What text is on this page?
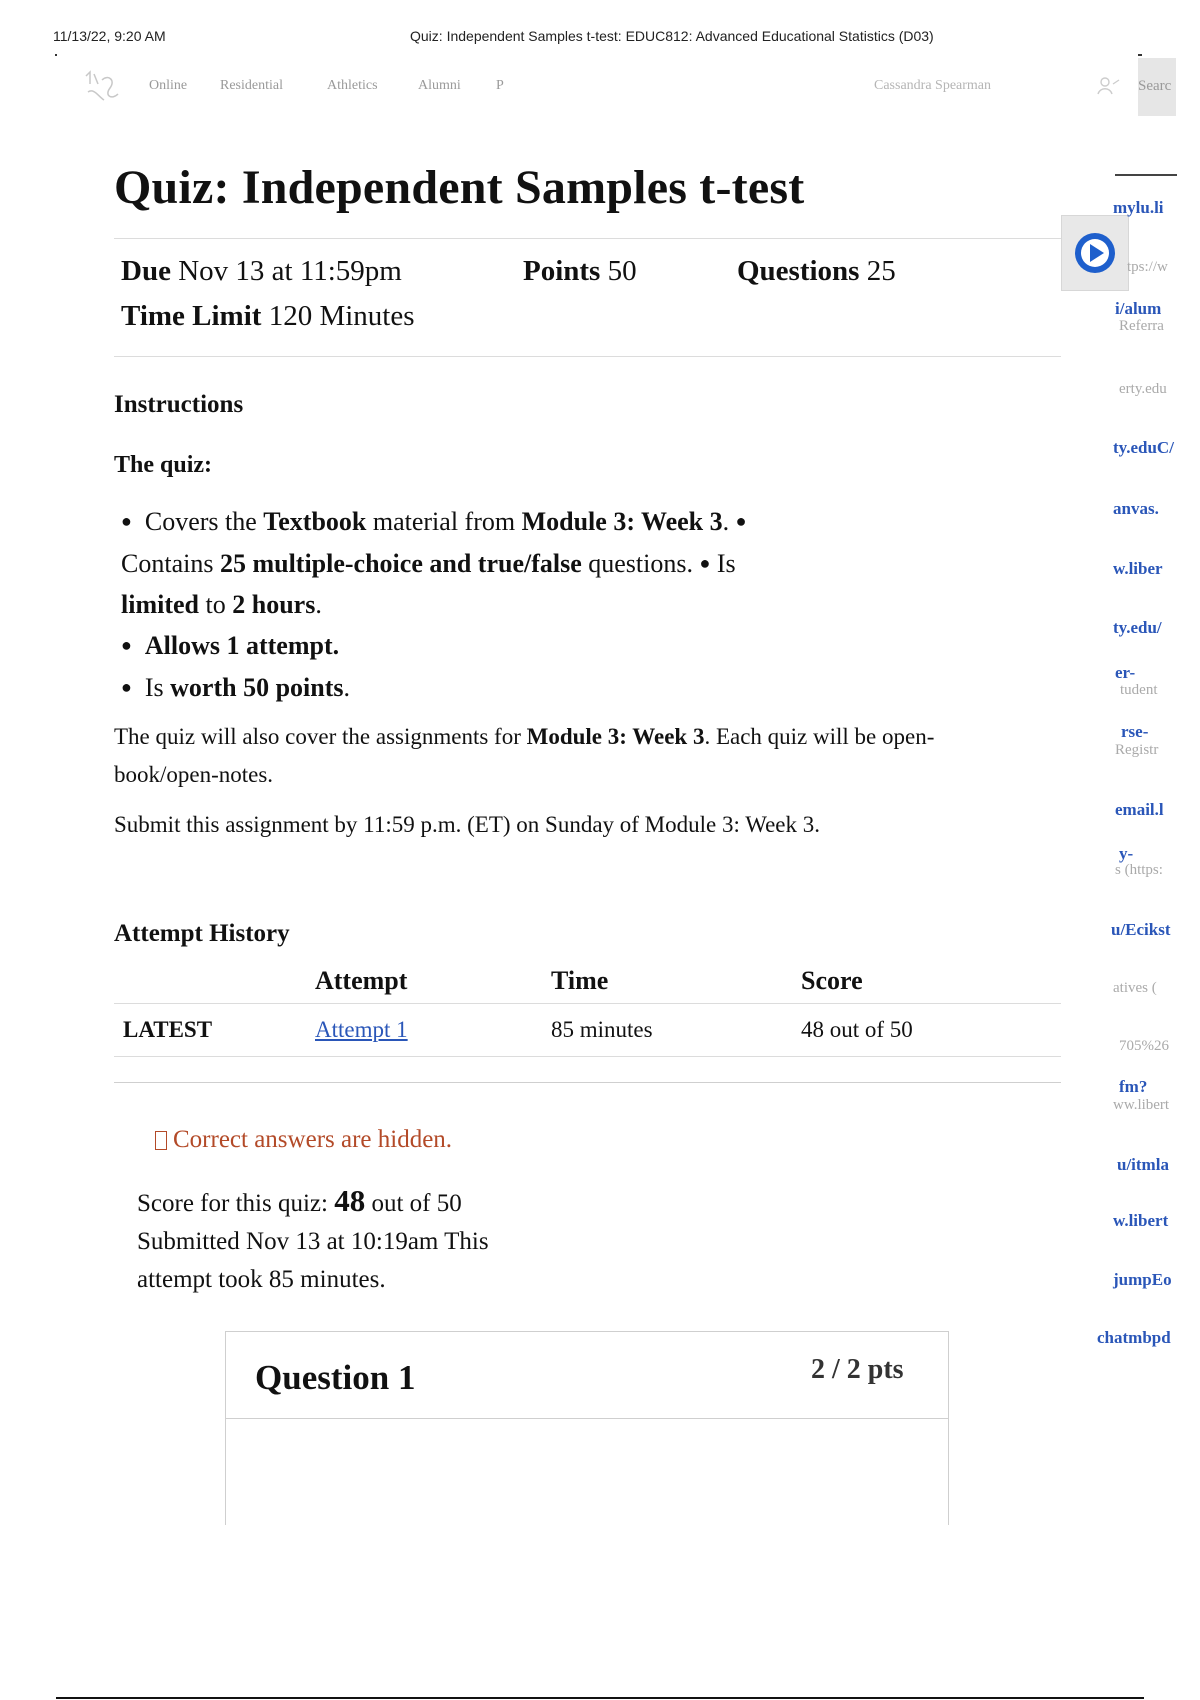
11/13/22, 9:20 AM	Quiz: Independent Samples t-test: EDUC812: Advanced Educational Statistics (D03)
Online Residential	Athletics	Alumni	P	Cassandra Spearman	Searc
Quiz: Independent Samples t-test
Due Nov 13 at 11:59pm	Points 50	Questions 25
Time Limit 120 Minutes
Instructions
The quiz:
● Covers the Textbook material from Module 3: Week 3. ●
Contains 25 multiple-choice and true/false questions. ● Is
limited to 2 hours.
● Allows 1 attempt.
● Is worth 50 points.
The quiz will also cover the assignments for Module 3: Week 3. Each quiz will be open-
book/open-notes.
Submit this assignment by 11:59 p.m. (ET) on Sunday of Module 3: Week 3.
Attempt History
	Attempt	Time	Score
LATEST	Attempt 1	85 minutes	48 out of 50
Correct answers are hidden.
Score for this quiz: 48 out of 50
Submitted Nov 13 at 10:19am This
attempt took 85 minutes.
Question 1	2 / 2 pts
mylu.li
tps://w
i/alum
Referra
erty.edu
ty.eduC/
anvas.
w.liber
ty.edu/
er-
tudent
rse-
Registr
email.l
y-
s (https:
u/Ecikst
atives (
705%26
fm?
ww.libert
u/itmla
w.libert
jumpEo
chatmbpd
